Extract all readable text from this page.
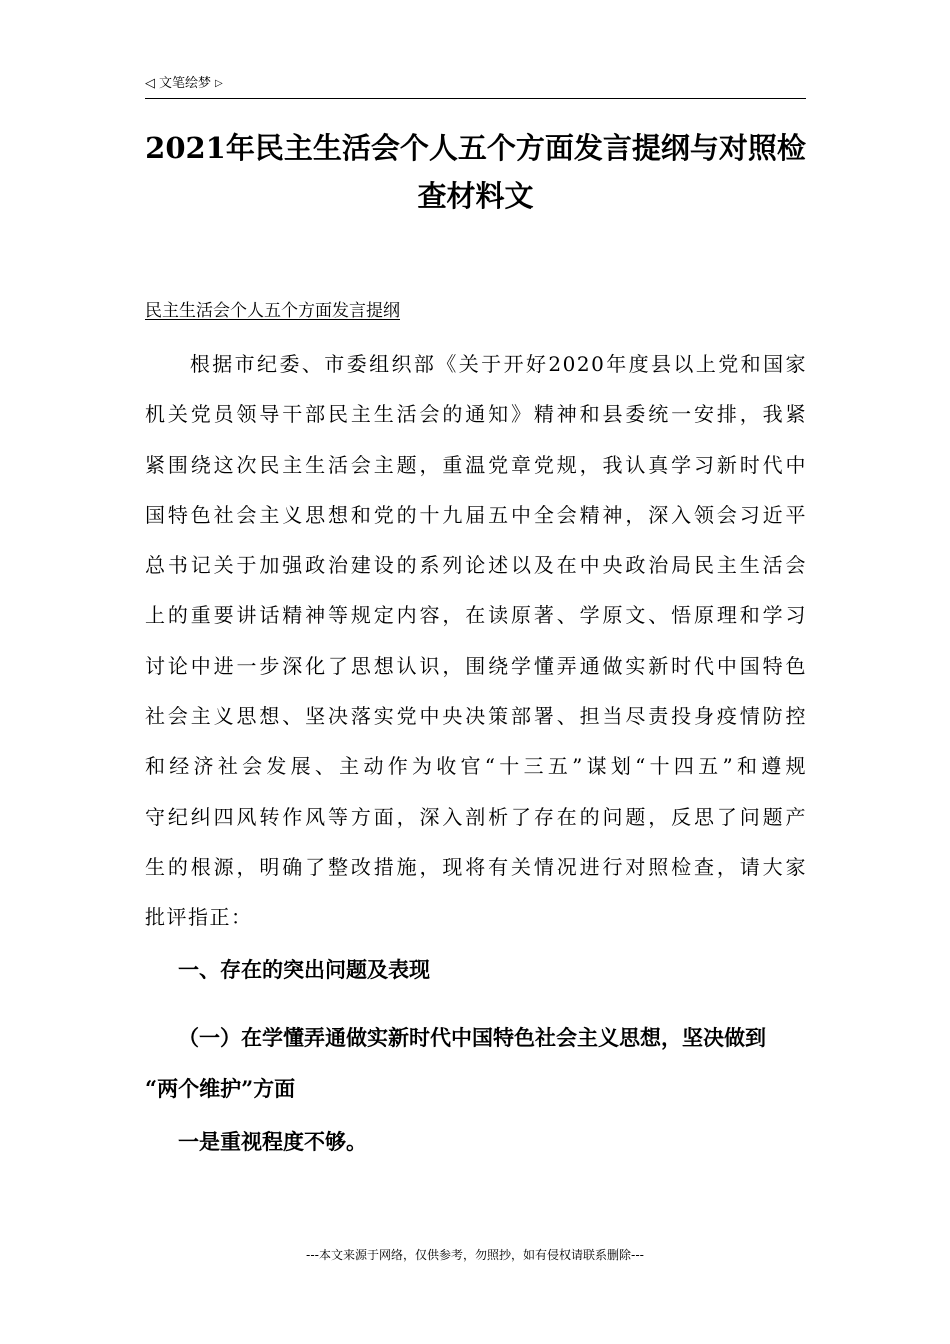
◁ 文笔绘梦 ▷
2021年民主生活会个人五个方面发言提纲与对照检
查材料文
民主生活会个人五个方面发言提纲
　　根据市纪委、市委组织部《关于开好2020年度县以上党和国家
机关党员领导干部民主生活会的通知》精神和县委统一安排，我紧
紧围绕这次民主生活会主题，重温党章党规，我认真学习新时代中
国特色社会主义思想和党的十九届五中全会精神，深入领会习近平
总书记关于加强政治建设的系列论述以及在中央政治局民主生活会
上的重要讲话精神等规定内容，在读原著、学原文、悟原理和学习
讨论中进一步深化了思想认识，围绕学懂弄通做实新时代中国特色
社会主义思想、坚决落实党中央决策部署、担当尽责投身疫情防控
和经济社会发展、主动作为收官“十三五”谋划“十四五”和遵规
守纪纠四风转作风等方面，深入剖析了存在的问题，反思了问题产
生的根源，明确了整改措施，现将有关情况进行对照检查，请大家
批评指正：
一、存在的突出问题及表现
（一）在学懂弄通做实新时代中国特色社会主义思想，坚决做到
“两个维护”方面
一是重视程度不够。
---本文来源于网络，仅供参考，勿照抄，如有侵权请联系删除---
